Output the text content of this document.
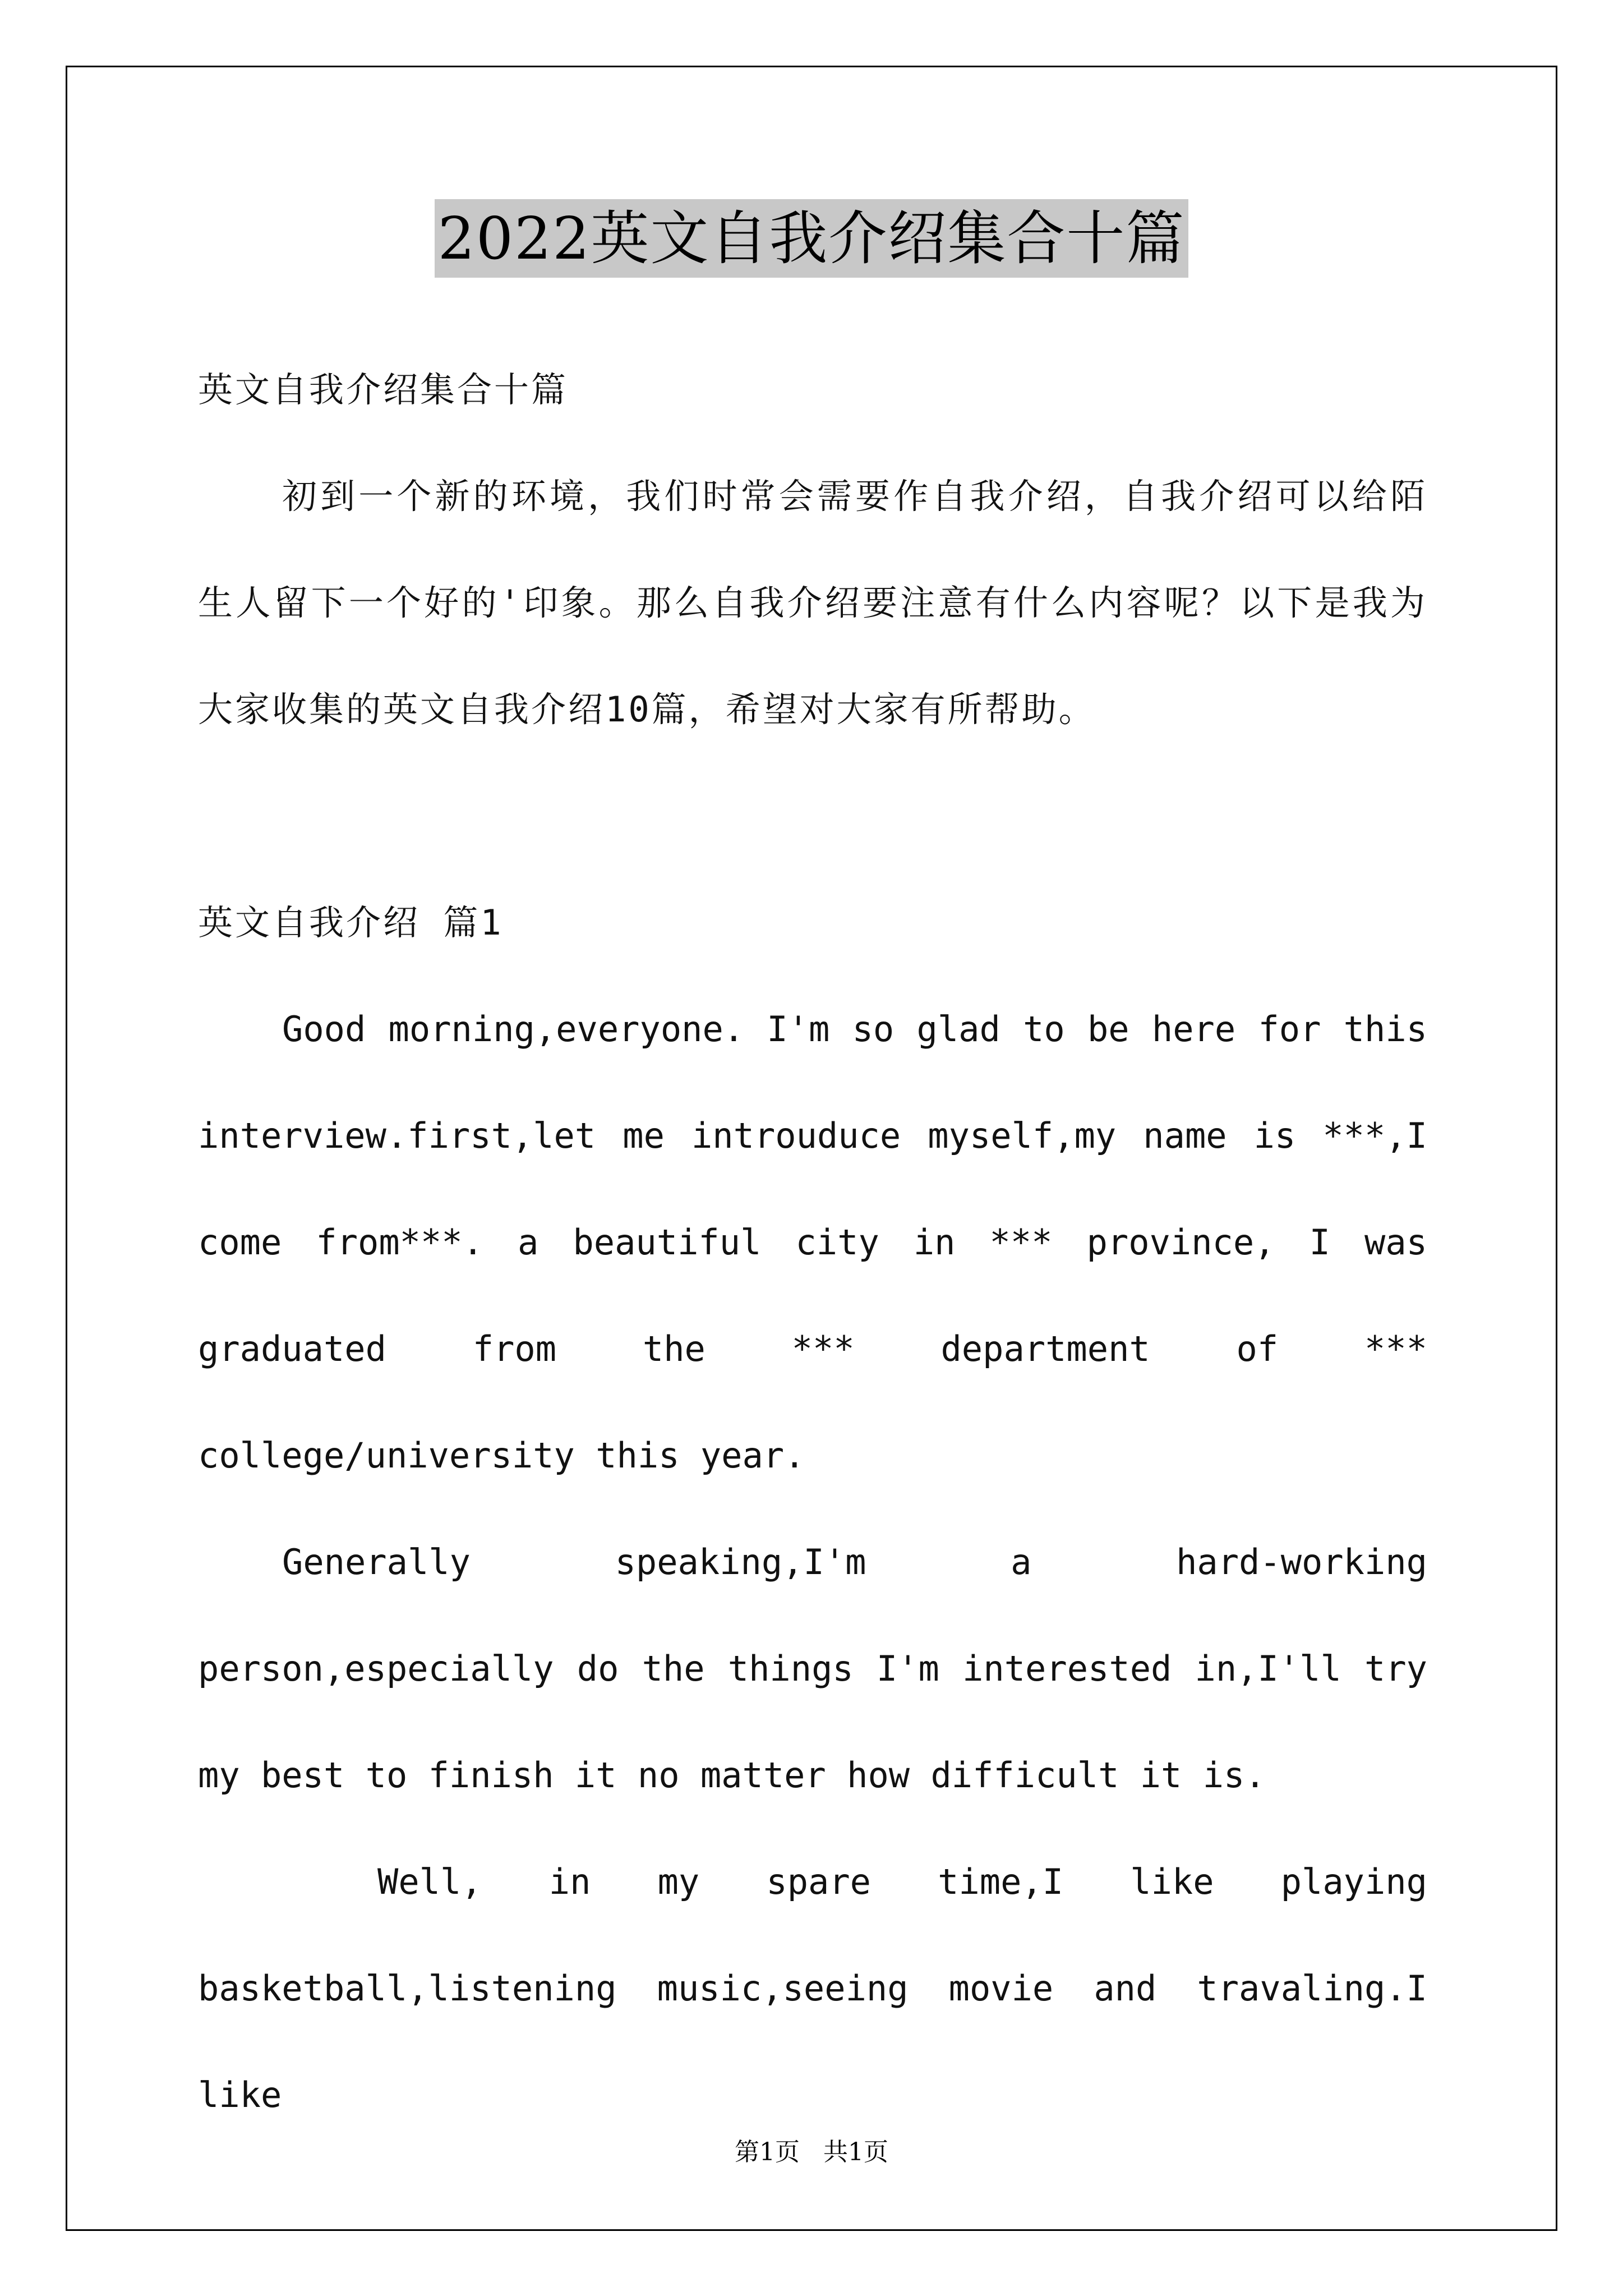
2022英文自我介绍集合十篇

英文自我介绍集合十篇

初到一个新的环境，我们时常会需要作自我介绍，自我介绍可以给陌生人留下一个好的'印象。那么自我介绍要注意有什么内容呢？以下是我为大家收集的英文自我介绍10篇，希望对大家有所帮助。

英文自我介绍 篇1

Good morning,everyone. I'm so glad to be here for this interview.first,let me introuduce myself,my name is ***,I come from***. a beautiful city in *** province, I was graduated from the *** department of *** college/university this year.

Generally speaking,I'm a hard-working person,especially do the things I'm interested in,I'll try my best to finish it no matter how difficult it is.

Well, in my spare time,I like playing basketball,listening music,seeing movie and travaling.I like

第1页 共1页
